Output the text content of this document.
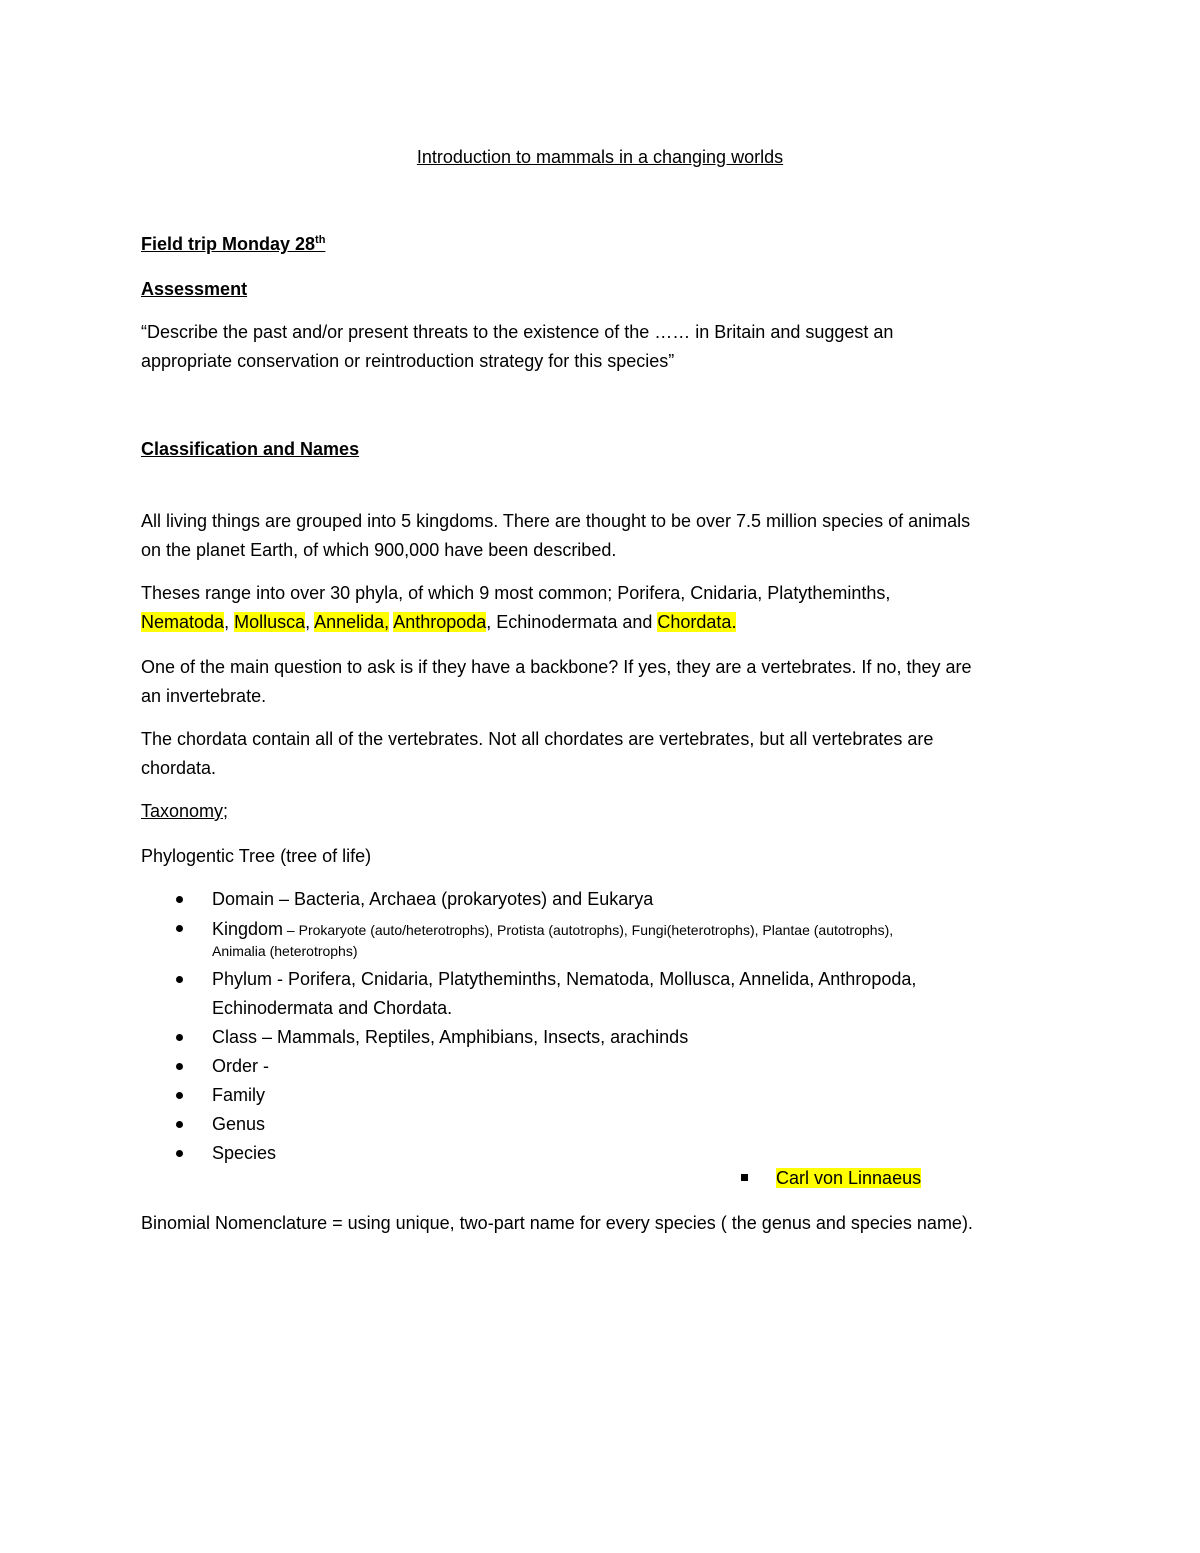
Introduction to mammals in a changing worlds

Field trip Monday 28th

Assessment

“Describe the past and/or present threats to the existence of the …… in Britain and suggest an
appropriate conservation or reintroduction strategy for this species”

Classification and Names

All living things are grouped into 5 kingdoms. There are thought to be over 7.5 million species of animals
on the planet Earth, of which 900,000 have been described.
Theses range into over 30 phyla, of which 9 most common; Porifera, Cnidaria, Platytheminths,
Nematoda, Mollusca, Annelida, Anthropoda, Echinodermata and Chordata.
One of the main question to ask is if they have a backbone? If yes, they are a vertebrates. If no, they are
an invertebrate.
The chordata contain all of the vertebrates. Not all chordates are vertebrates, but all vertebrates are
chordata.

Taxonomy;

Phylogentic Tree (tree of life)

Domain – Bacteria, Archaea (prokaryotes) and Eukarya
Kingdom – Prokaryote (auto/heterotrophs), Protista (autotrophs), Fungi(heterotrophs), Plantae (autotrophs),
Animalia (heterotrophs)
Phylum - Porifera, Cnidaria, Platytheminths, Nematoda, Mollusca, Annelida, Anthropoda,
Echinodermata and Chordata.
Class – Mammals, Reptiles, Amphibians, Insects, arachinds
Order -
Family
Genus
Species
Carl von Linnaeus

Binomial Nomenclature = using unique, two-part name for every species ( the genus and species name).
